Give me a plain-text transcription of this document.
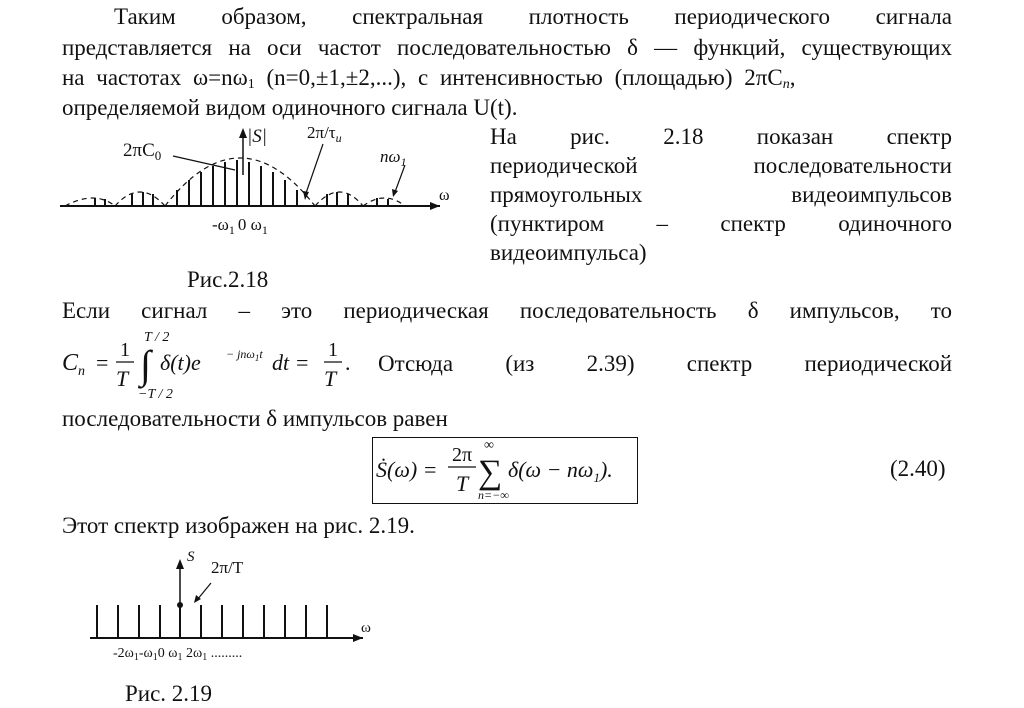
Таким образом, спектральная плотность периодического сигнала
представляется на оси частот последовательностью δ — функций, существующих
на частотах $\omega=n\omega_1$ (n=0,±1,±2,...), с интенсивностью (площадью) $2\pi C_n$,
определяемой видом одиночного сигнала U(t).
$2\pi C_0$
|S| $2\pi/\tau_u$
$n\omega_1$
ω
$-\omega_1$ 0 $\omega_1$
Рис.2.18
На рис. 2.18 показан спектр
периодической последовательности
прямоугольных видеоимпульсов
(пунктиром – спектр одиночного
видеоимпульса)
Если сигнал – это периодическая последовательность δ импульсов, то
$C_n = 1$
T ∫
T / 2
−T / 2
δ(t)e − jnω$_1$t dt = 1
T
. Отсюда (из 2.39) спектр периодической
последовательности δ импульсов равен
Ṡ(ω) =
2π
T
∞
∑
n=−∞
$\delta(\omega - n\omega_1)$.	(2.40)
Этот спектр изображен на рис. 2.19.
S
2π/T
ω
$-2\omega_1-\omega_10$ $\omega_1$ $2\omega_1$ .........
Рис. 2.19
